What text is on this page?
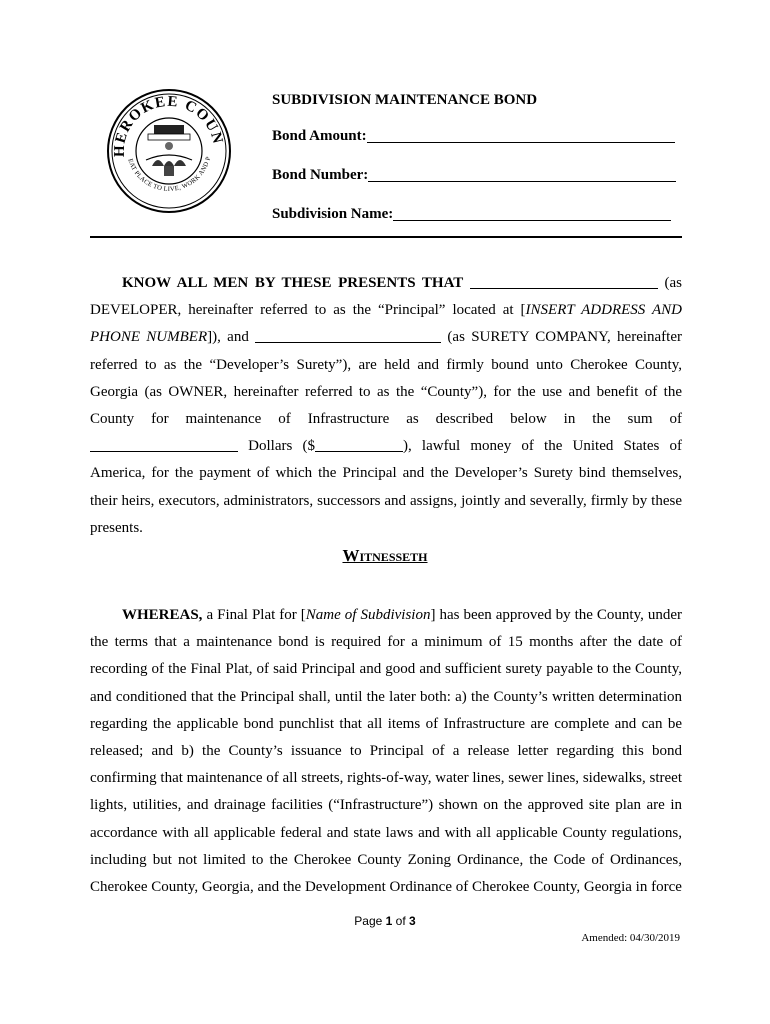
HEROKEE COUN
EAT PLACE TO LIVE, WORK AND P
SUBDIVISION MAINTENANCE BOND
Bond Amount:
Bond Number:
Subdivision Name:

KNOW ALL MEN BY THESE PRESENTS THAT	(as DEVELOPER, hereinafter referred to as the “Principal” located at [INSERT ADDRESS AND PHONE NUMBER]), and	(as SURETY COMPANY, hereinafter referred to as the “Developer’s Surety”), are held and firmly bound unto Cherokee County, Georgia (as OWNER, hereinafter referred to as the “County”), for the use and benefit of the County for maintenance of Infrastructure as described below in the sum of  Dollars ($	), lawful money of the United States of America, for the payment of which the Principal and the Developer’s Surety bind themselves, their heirs, executors, administrators, successors and assigns, jointly and severally, firmly by these presents.

Witnesseth

WHEREAS, a Final Plat for [Name of Subdivision] has been approved by the County, under the terms that a maintenance bond is required for a minimum of 15 months after the date of recording of the Final Plat, of said Principal and good and sufficient surety payable to the County, and conditioned that the Principal shall, until the later both: a) the County’s written determination regarding the applicable bond punchlist that all items of Infrastructure are complete and can be released; and b) the County’s issuance to Principal of a release letter regarding this bond confirming that maintenance of all streets, rights-of-way, water lines, sewer lines, sidewalks, street lights, utilities, and drainage facilities (“Infrastructure”) shown on the approved site plan are in accordance with all applicable federal and state laws and with all applicable County regulations, including but not limited to the Cherokee County Zoning Ordinance, the Code of Ordinances, Cherokee County, Georgia, and the Development Ordinance of Cherokee County, Georgia in force

Page 1 of 3
Amended: 04/30/2019
